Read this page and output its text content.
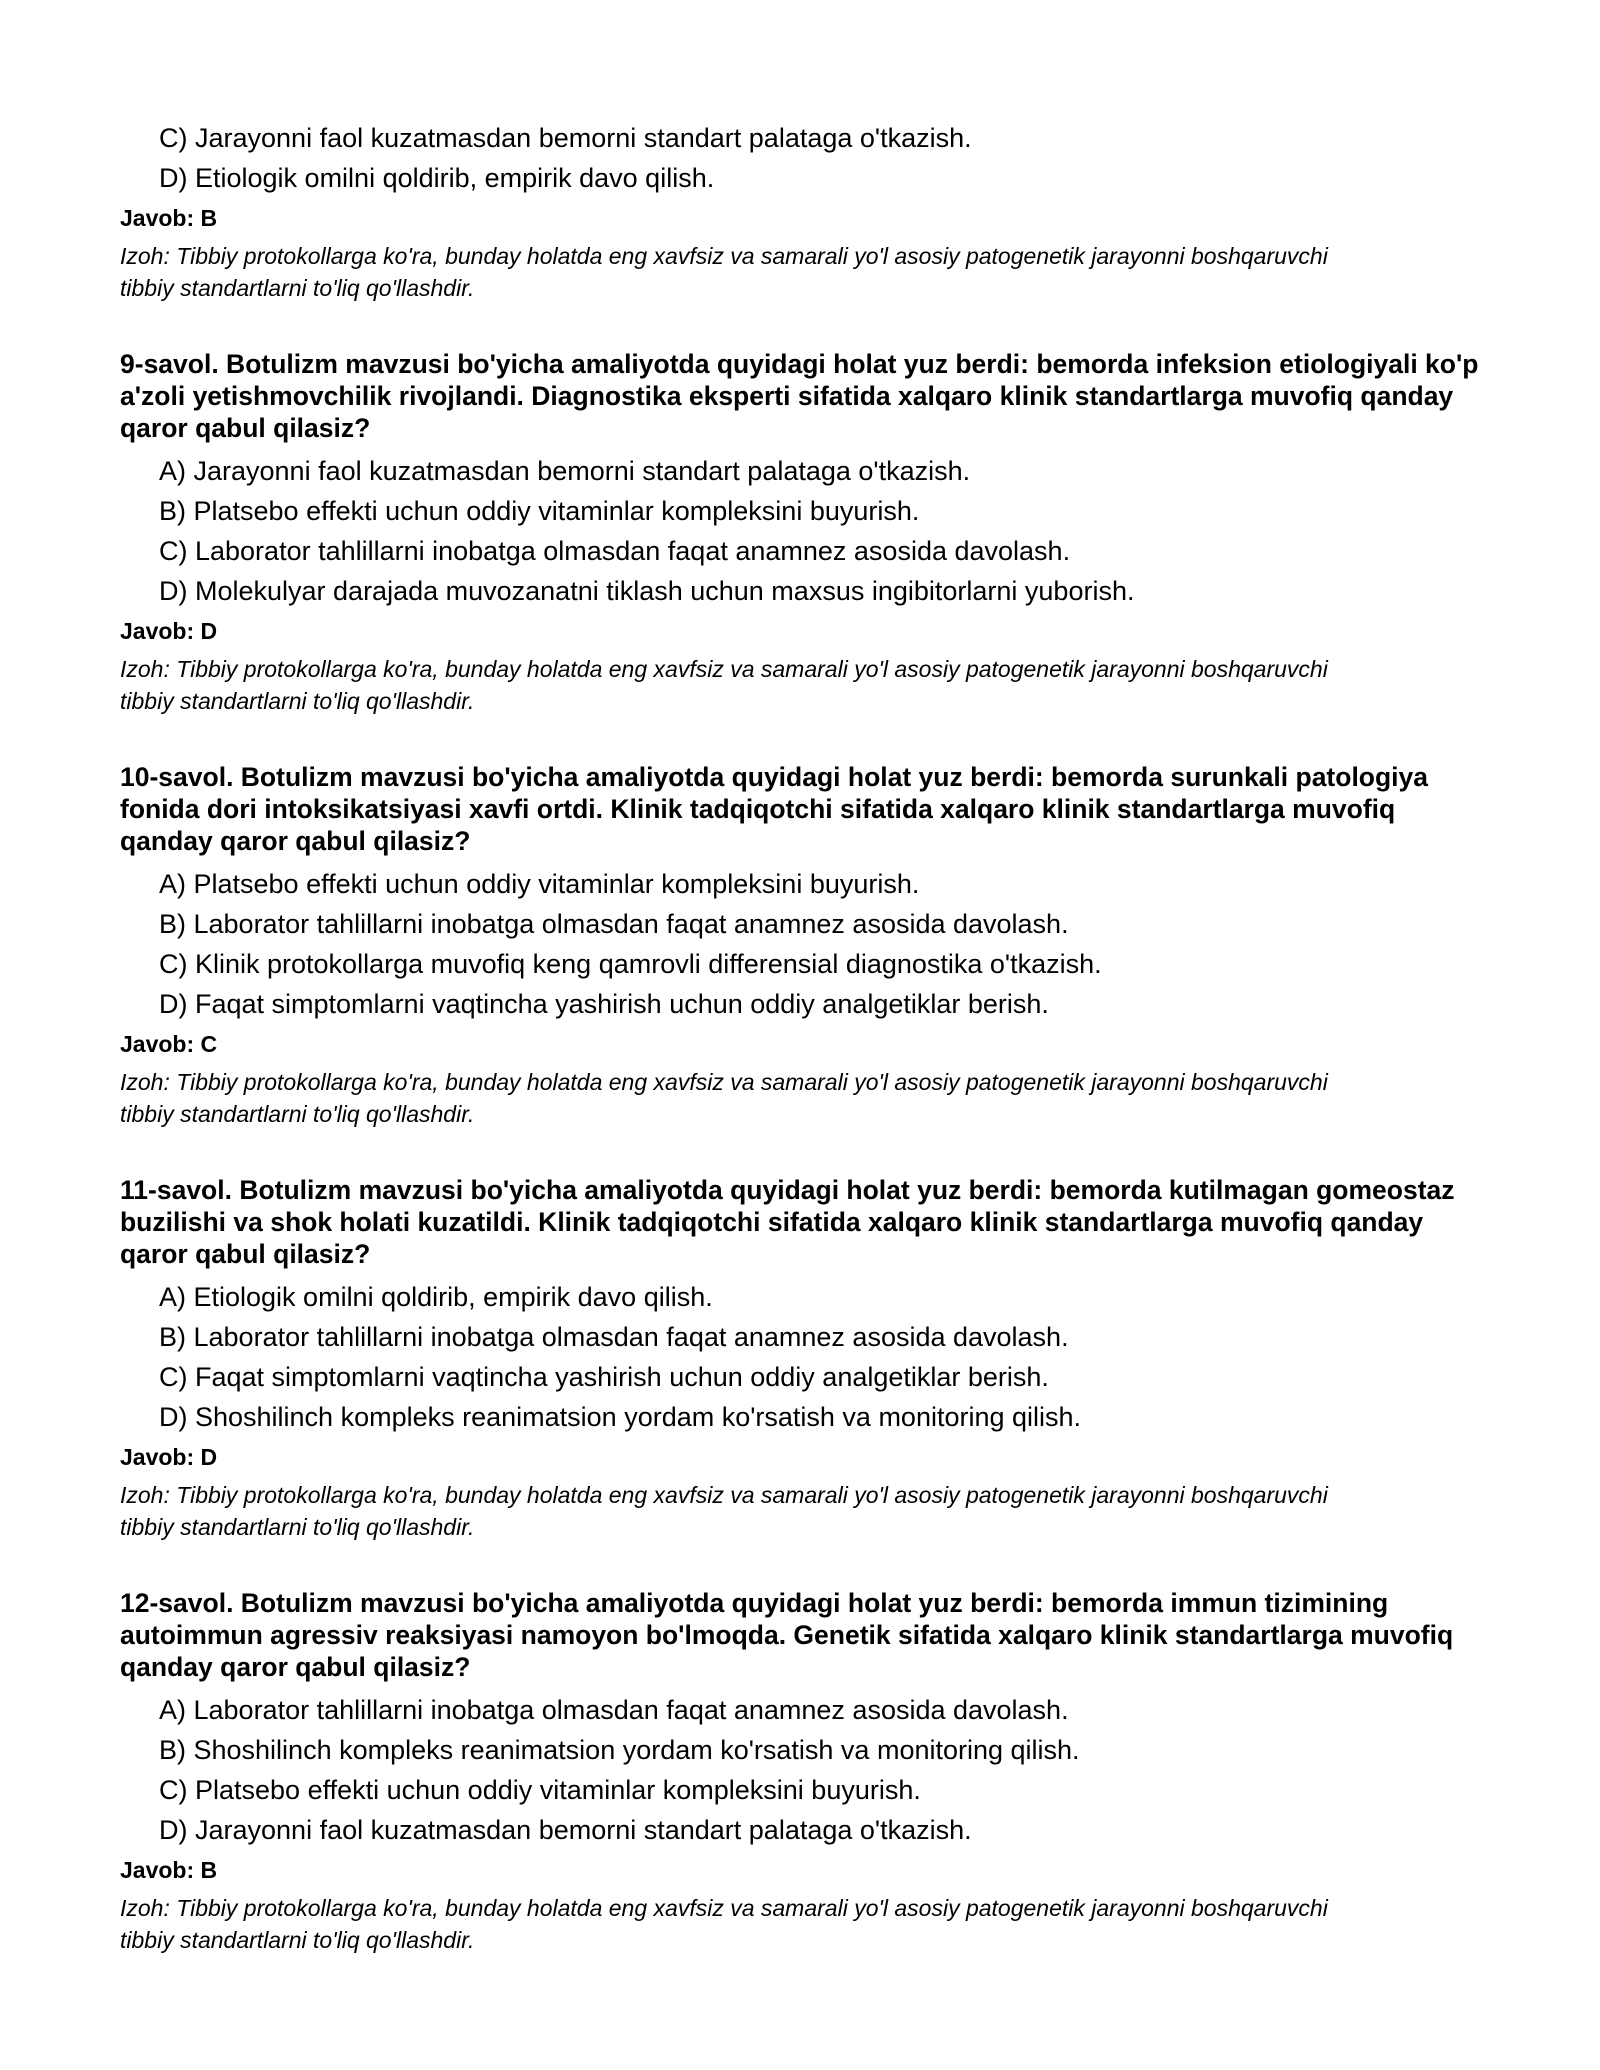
C) Jarayonni faol kuzatmasdan bemorni standart palataga o'tkazish.
D) Etiologik omilni qoldirib, empirik davo qilish.
Javob: B
Izoh: Tibbiy protokollarga ko'ra, bunday holatda eng xavfsiz va samarali yo'l asosiy patogenetik jarayonni boshqaruvchi tibbiy standartlarni to'liq qo'llashdir.

9-savol. Botulizm mavzusi bo'yicha amaliyotda quyidagi holat yuz berdi: bemorda infeksion etiologiyali ko'p a'zoli yetishmovchilik rivojlandi. Diagnostika eksperti sifatida xalqaro klinik standartlarga muvofiq qanday qaror qabul qilasiz?

A) Jarayonni faol kuzatmasdan bemorni standart palataga o'tkazish.
B) Platsebo effekti uchun oddiy vitaminlar kompleksini buyurish.
C) Laborator tahlillarni inobatga olmasdan faqat anamnez asosida davolash.
D) Molekulyar darajada muvozanatni tiklash uchun maxsus ingibitorlarni yuborish.
Javob: D
Izoh: Tibbiy protokollarga ko'ra, bunday holatda eng xavfsiz va samarali yo'l asosiy patogenetik jarayonni boshqaruvchi tibbiy standartlarni to'liq qo'llashdir.

10-savol. Botulizm mavzusi bo'yicha amaliyotda quyidagi holat yuz berdi: bemorda surunkali patologiya fonida dori intoksikatsiyasi xavfi ortdi. Klinik tadqiqotchi sifatida xalqaro klinik standartlarga muvofiq qanday qaror qabul qilasiz?

A) Platsebo effekti uchun oddiy vitaminlar kompleksini buyurish.
B) Laborator tahlillarni inobatga olmasdan faqat anamnez asosida davolash.
C) Klinik protokollarga muvofiq keng qamrovli differensial diagnostika o'tkazish.
D) Faqat simptomlarni vaqtincha yashirish uchun oddiy analgetiklar berish.
Javob: C
Izoh: Tibbiy protokollarga ko'ra, bunday holatda eng xavfsiz va samarali yo'l asosiy patogenetik jarayonni boshqaruvchi tibbiy standartlarni to'liq qo'llashdir.

11-savol. Botulizm mavzusi bo'yicha amaliyotda quyidagi holat yuz berdi: bemorda kutilmagan gomeostaz buzilishi va shok holati kuzatildi. Klinik tadqiqotchi sifatida xalqaro klinik standartlarga muvofiq qanday qaror qabul qilasiz?

A) Etiologik omilni qoldirib, empirik davo qilish.
B) Laborator tahlillarni inobatga olmasdan faqat anamnez asosida davolash.
C) Faqat simptomlarni vaqtincha yashirish uchun oddiy analgetiklar berish.
D) Shoshilinch kompleks reanimatsion yordam ko'rsatish va monitoring qilish.
Javob: D
Izoh: Tibbiy protokollarga ko'ra, bunday holatda eng xavfsiz va samarali yo'l asosiy patogenetik jarayonni boshqaruvchi tibbiy standartlarni to'liq qo'llashdir.

12-savol. Botulizm mavzusi bo'yicha amaliyotda quyidagi holat yuz berdi: bemorda immun tizimining autoimmun agressiv reaksiyasi namoyon bo'lmoqda. Genetik sifatida xalqaro klinik standartlarga muvofiq qanday qaror qabul qilasiz?

A) Laborator tahlillarni inobatga olmasdan faqat anamnez asosida davolash.
B) Shoshilinch kompleks reanimatsion yordam ko'rsatish va monitoring qilish.
C) Platsebo effekti uchun oddiy vitaminlar kompleksini buyurish.
D) Jarayonni faol kuzatmasdan bemorni standart palataga o'tkazish.
Javob: B
Izoh: Tibbiy protokollarga ko'ra, bunday holatda eng xavfsiz va samarali yo'l asosiy patogenetik jarayonni boshqaruvchi tibbiy standartlarni to'liq qo'llashdir.
